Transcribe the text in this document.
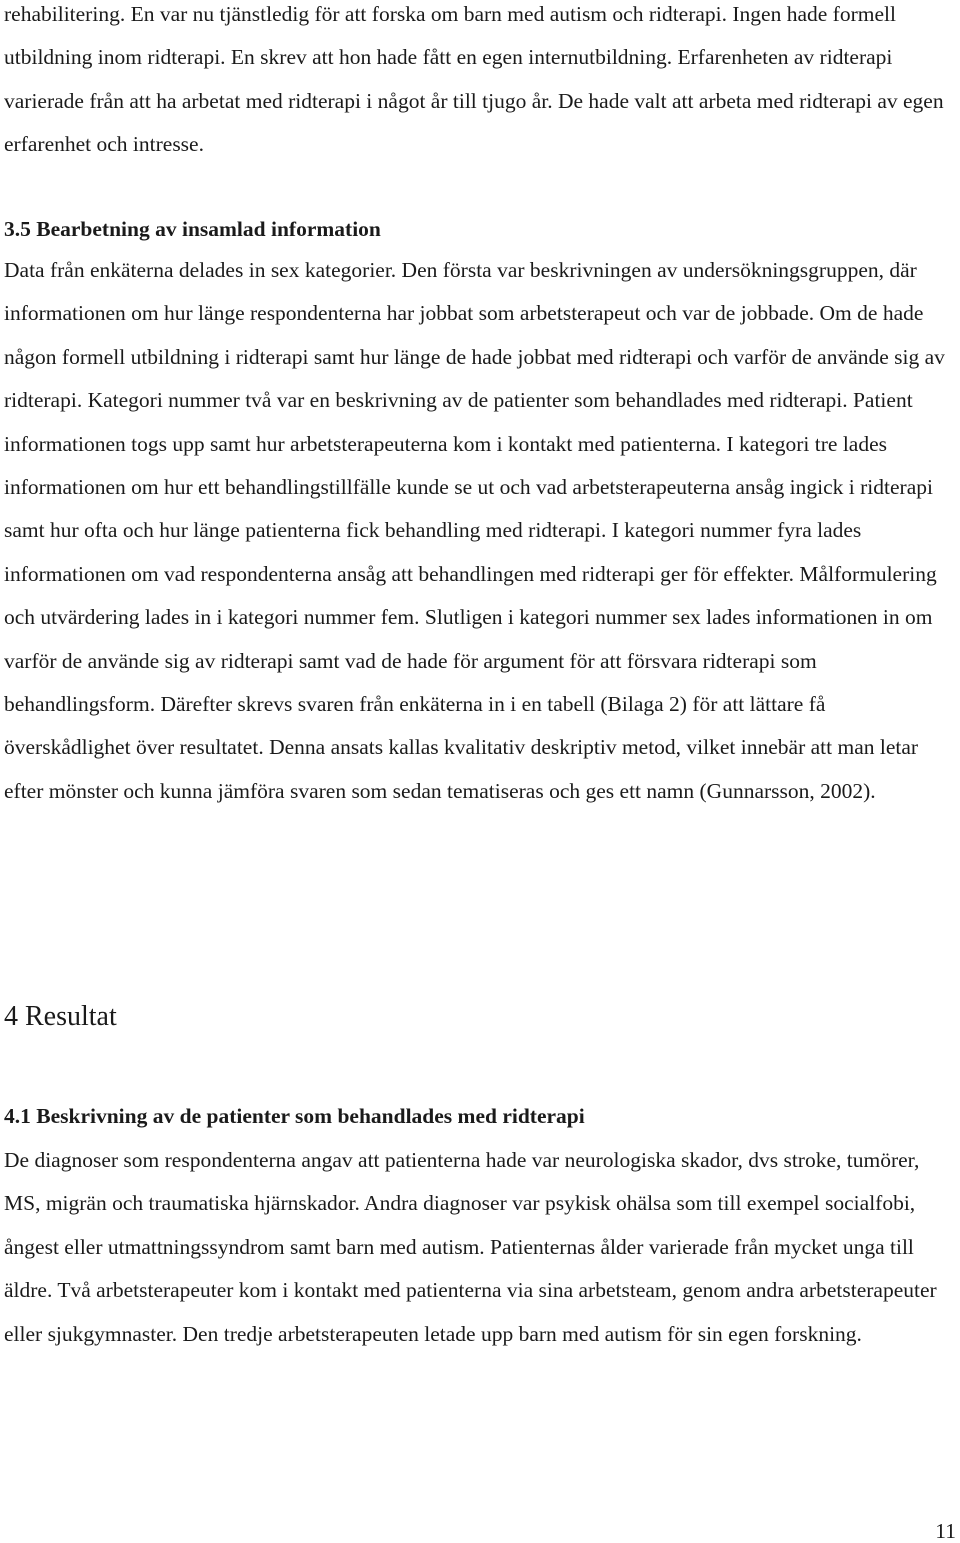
rehabilitering. En var nu tjänstledig för att forska om barn med autism och ridterapi. Ingen hade formell utbildning inom ridterapi. En skrev att hon hade fått en egen internutbildning. Erfarenheten av ridterapi varierade från att ha arbetat med ridterapi i något år till tjugo år. De hade valt att arbeta med ridterapi av egen erfarenhet och intresse.

3.5 Bearbetning av insamlad information

Data från enkäterna delades in sex kategorier. Den första var beskrivningen av undersökningsgruppen, där informationen om hur länge respondenterna har jobbat som arbetsterapeut och var de jobbade. Om de hade någon formell utbildning i ridterapi samt hur länge de hade jobbat med ridterapi och varför de använde sig av ridterapi. Kategori nummer två var en beskrivning av de patienter som behandlades med ridterapi. Patient informationen togs upp samt hur arbetsterapeuterna kom i kontakt med patienterna. I kategori tre lades informationen om hur ett behandlingstillfälle kunde se ut och vad arbetsterapeuterna ansåg ingick i ridterapi samt hur ofta och hur länge patienterna fick behandling med ridterapi. I kategori nummer fyra lades informationen om vad respondenterna ansåg att behandlingen med ridterapi ger för effekter. Målformulering och utvärdering lades in i kategori nummer fem. Slutligen i kategori nummer sex lades informationen in om varför de använde sig av ridterapi samt vad de hade för argument för att försvara ridterapi som behandlingsform. Därefter skrevs svaren från enkäterna in i en tabell (Bilaga 2) för att lättare få överskådlighet över resultatet. Denna ansats kallas kvalitativ deskriptiv metod, vilket innebär att man letar efter mönster och kunna jämföra svaren som sedan tematiseras och ges ett namn (Gunnarsson, 2002).

4 Resultat
4.1 Beskrivning av de patienter som behandlades med ridterapi

De diagnoser som respondenterna angav att patienterna hade var neurologiska skador, dvs stroke, tumörer, MS, migrän och traumatiska hjärnskador. Andra diagnoser var psykisk ohälsa som till exempel socialfobi, ångest eller utmattningssyndrom samt barn med autism. Patienternas ålder varierade från mycket unga till äldre. Två arbetsterapeuter kom i kontakt med patienterna via sina arbetsteam, genom andra arbetsterapeuter eller sjukgymnaster. Den tredje arbetsterapeuten letade upp barn med autism för sin egen forskning.

11
